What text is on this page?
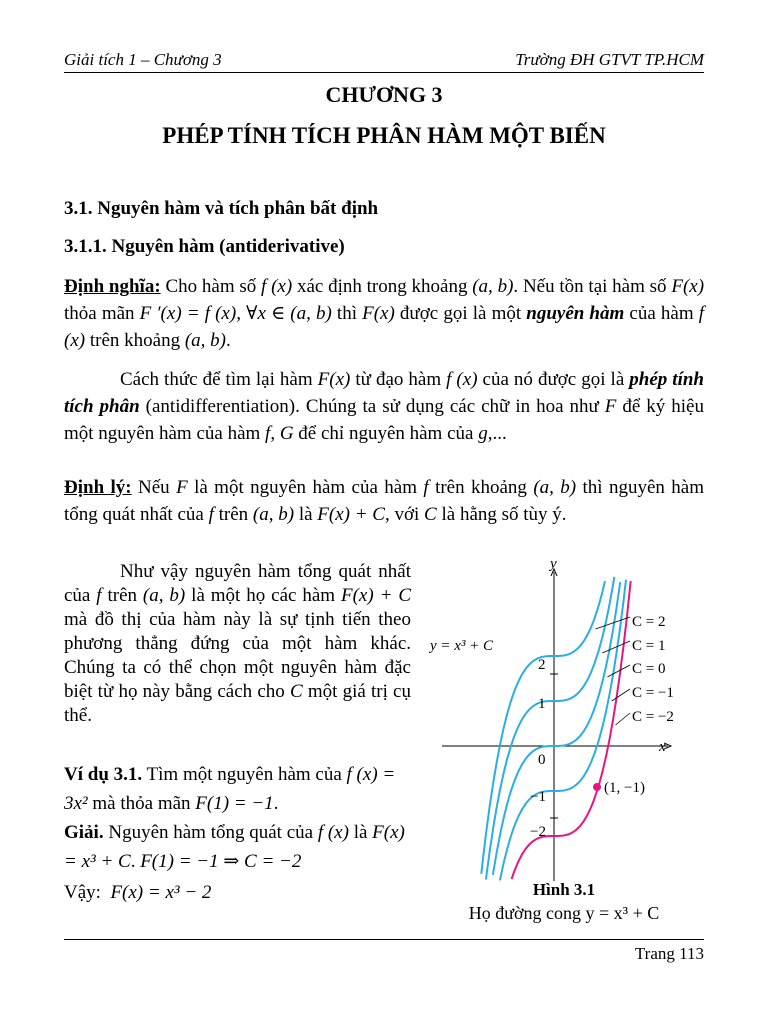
Giải tích 1 – Chương 3	Trường ĐH GTVT TP.HCM
CHƯƠNG 3
PHÉP TÍNH TÍCH PHÂN HÀM MỘT BIẾN
3.1. Nguyên hàm và tích phân bất định
3.1.1. Nguyên hàm (antiderivative)
Định nghĩa: Cho hàm số f (x) xác định trong khoảng (a, b). Nếu tồn tại hàm số F(x) thỏa mãn F ′(x) = f (x), ∀x ∈ (a, b) thì F(x) được gọi là một nguyên hàm của hàm f (x) trên khoảng (a, b).
Cách thức để tìm lại hàm F(x) từ đạo hàm f (x) của nó được gọi là phép tính tích phân (antidifferentiation). Chúng ta sử dụng các chữ in hoa như F để ký hiệu một nguyên hàm của hàm f, G để chỉ nguyên hàm của g,...
Định lý: Nếu F là một nguyên hàm của hàm f trên khoảng (a, b) thì nguyên hàm tổng quát nhất của f trên (a, b) là F(x) + C, với C là hằng số tùy ý.
Như vậy nguyên hàm tổng quát nhất của f trên (a, b) là một họ các hàm F(x) + C mà đồ thị của hàm này là sự tịnh tiến theo phương thẳng đứng của một hàm khác. Chúng ta có thể chọn một nguyên hàm đặc biệt từ họ này bằng cách cho C một giá trị cụ thể.
Ví dụ 3.1. Tìm một nguyên hàm của f (x) = 3x² mà thỏa mãn F(1) = −1.
Giải. Nguyên hàm tổng quát của f (x) là F(x) = x³ + C. F(1) = −1 ⇒ C = −2
Vậy: F(x) = x³ − 2
y
x
y = x³ + C
2
1
0
−1
−2
(1, −1)
C = 2
C = 1
C = 0
C = −1
C = −2
Hình 3.1
Họ đường cong y = x³ + C
Trang 113
